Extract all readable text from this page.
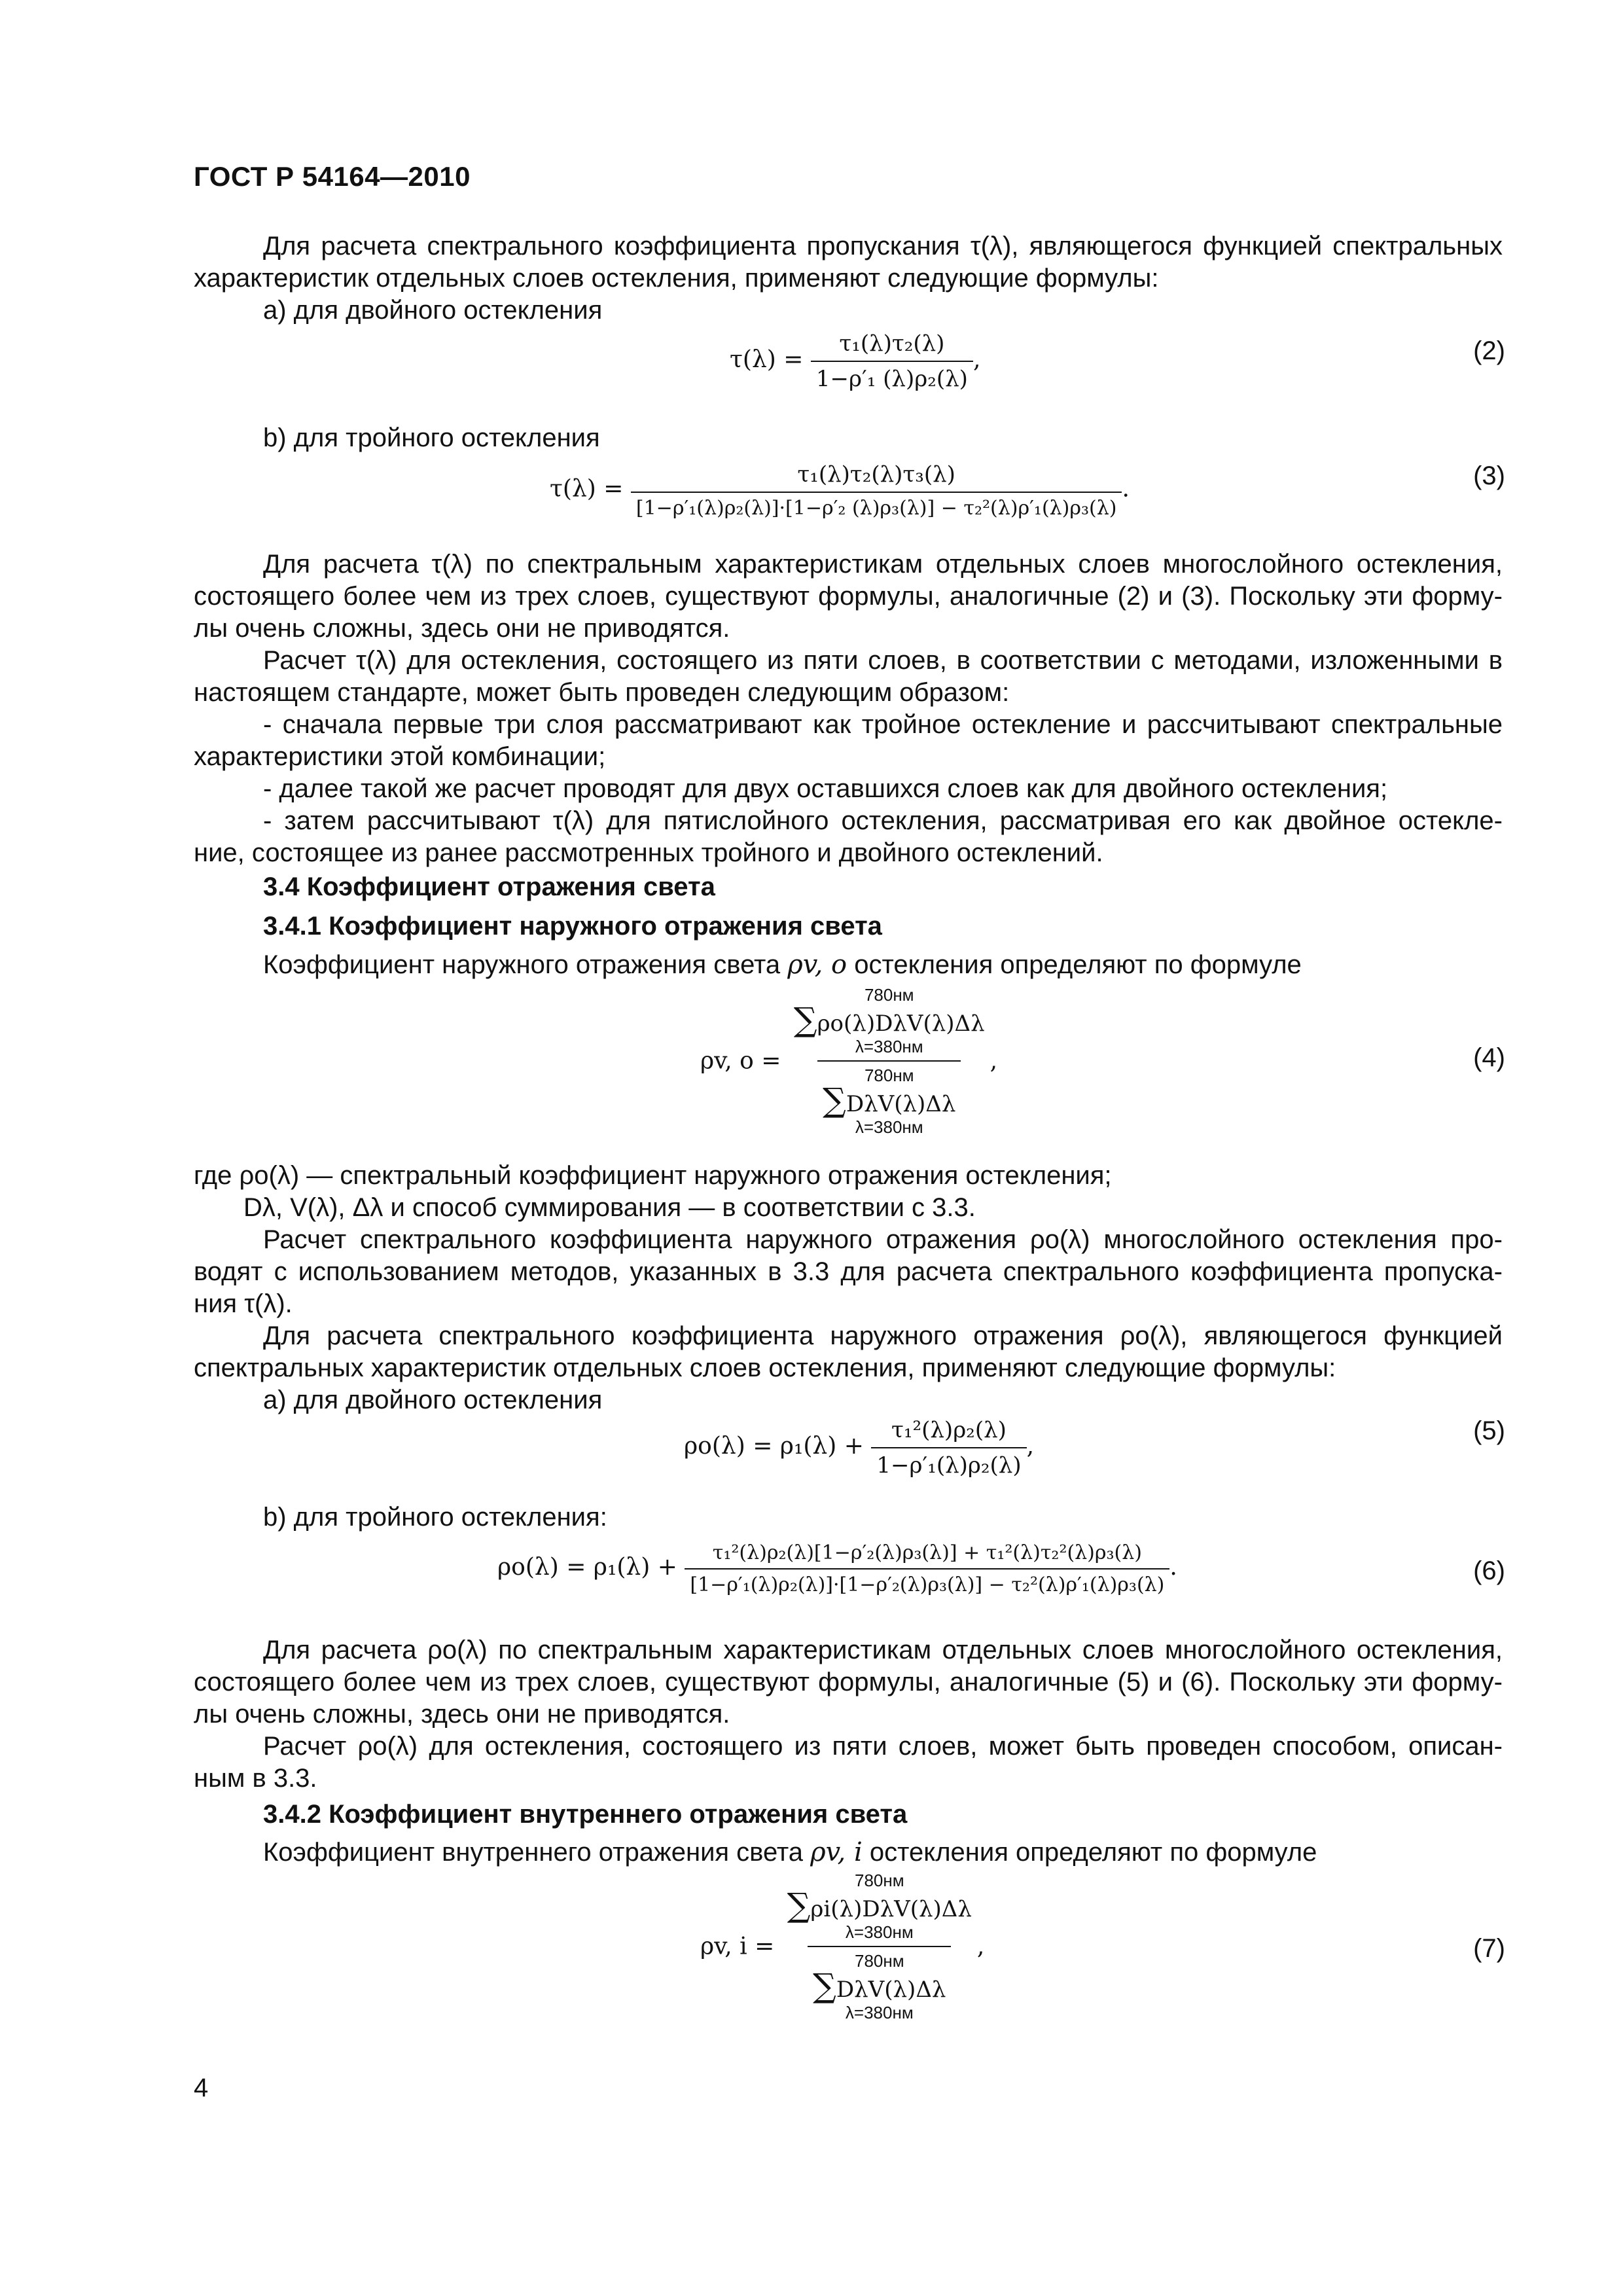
ГОСТ Р 54164—2010
Для расчета спектрального коэффициента пропускания τ(λ), являющегося функцией спектральных
характеристик отдельных слоев остекления, применяют следующие формулы:
а) для двойного остекления
$\tau(\lambda) = \frac{\text{τ₁(λ)τ₂(λ)}}{\text{1−ρ′₁ (λ)ρ₂(λ)}}$ ,	(2)
b) для тройного остекления
$\tau(\lambda) = \frac{\text{τ₁(λ)τ₂(λ)τ₃(λ)}}{\text{[1−ρ′₁(λ)ρ₂(λ)]·[1−ρ′₂ (λ)ρ₃(λ)] − τ₂²(λ)ρ′₁(λ)ρ₃(λ)}}$ .	(3)
Для расчета τ(λ) по спектральным характеристикам отдельных слоев многослойного остекления,
состоящего более чем из трех слоев, существуют формулы, аналогичные (2) и (3). Поскольку эти форму-
лы очень сложны, здесь они не приводятся.
Расчет τ(λ) для остекления, состоящего из пяти слоев, в соответствии с методами, изложенными в
настоящем стандарте, может быть проведен следующим образом:
- сначала первые три слоя рассматривают как тройное остекление и рассчитывают спектральные
характеристики этой комбинации;
- далее такой же расчет проводят для двух оставшихся слоев как для двойного остекления;
- затем рассчитывают τ(λ) для пятислойного остекления, рассматривая его как двойное остекле-
ние, состоящее из ранее рассмотренных тройного и двойного остеклений.
3.4 Коэффициент отражения света
3.4.1 Коэффициент наружного отражения света
Коэффициент наружного отражения света ρv, o остекления определяют по формуле
ρv, o = 780нм
∑ρo(λ)DλV(λ)Δλ
λ=380нм
780нм
∑DλV(λ)Δλ
λ=380нм ,	(4)
где ρo(λ) — спектральный коэффициент наружного отражения остекления;
Dλ, V(λ), Δλ и способ суммирования — в соответствии с 3.3.
Расчет спектрального коэффициента наружного отражения ρo(λ) многослойного остекления про-
водят с использованием методов, указанных в 3.3 для расчета спектрального коэффициента пропуска-
ния τ(λ).
Для расчета спектрального коэффициента наружного отражения ρo(λ), являющегося функцией
спектральных характеристик отдельных слоев остекления, применяют следующие формулы:
а) для двойного остекления
$\rho o(\lambda) = \rho_1(\lambda) + \frac{\text{τ₁²(λ)ρ₂(λ)}}{\text{1−ρ′₁(λ)ρ₂(λ)}}$ ,
(5)
b) для тройного остекления:
$\rho o(\lambda) = \rho_1(\lambda) + \frac{\text{τ₁²(λ)ρ₂(λ)[1−ρ′₂(λ)ρ₃(λ)] + τ₁²(λ)τ₂²(λ)ρ₃(λ)}}{\text{[1−ρ′₁(λ)ρ₂(λ)]·[1−ρ′₂(λ)ρ₃(λ)] − τ₂²(λ)ρ′₁(λ)ρ₃(λ)}}$ .	(6)
Для расчета ρo(λ) по спектральным характеристикам отдельных слоев многослойного остекления,
состоящего более чем из трех слоев, существуют формулы, аналогичные (5) и (6). Поскольку эти форму-
лы очень сложны, здесь они не приводятся.
Расчет ρo(λ) для остекления, состоящего из пяти слоев, может быть проведен способом, описан-
ным в 3.3.
3.4.2 Коэффициент внутреннего отражения света
Коэффициент внутреннего отражения света ρv, i остекления определяют по формуле
ρv, i = 780нм
∑ρi(λ)DλV(λ)Δλ
λ=380нм
780нм
∑DλV(λ)Δλ
λ=380нм ,	(7)
4
